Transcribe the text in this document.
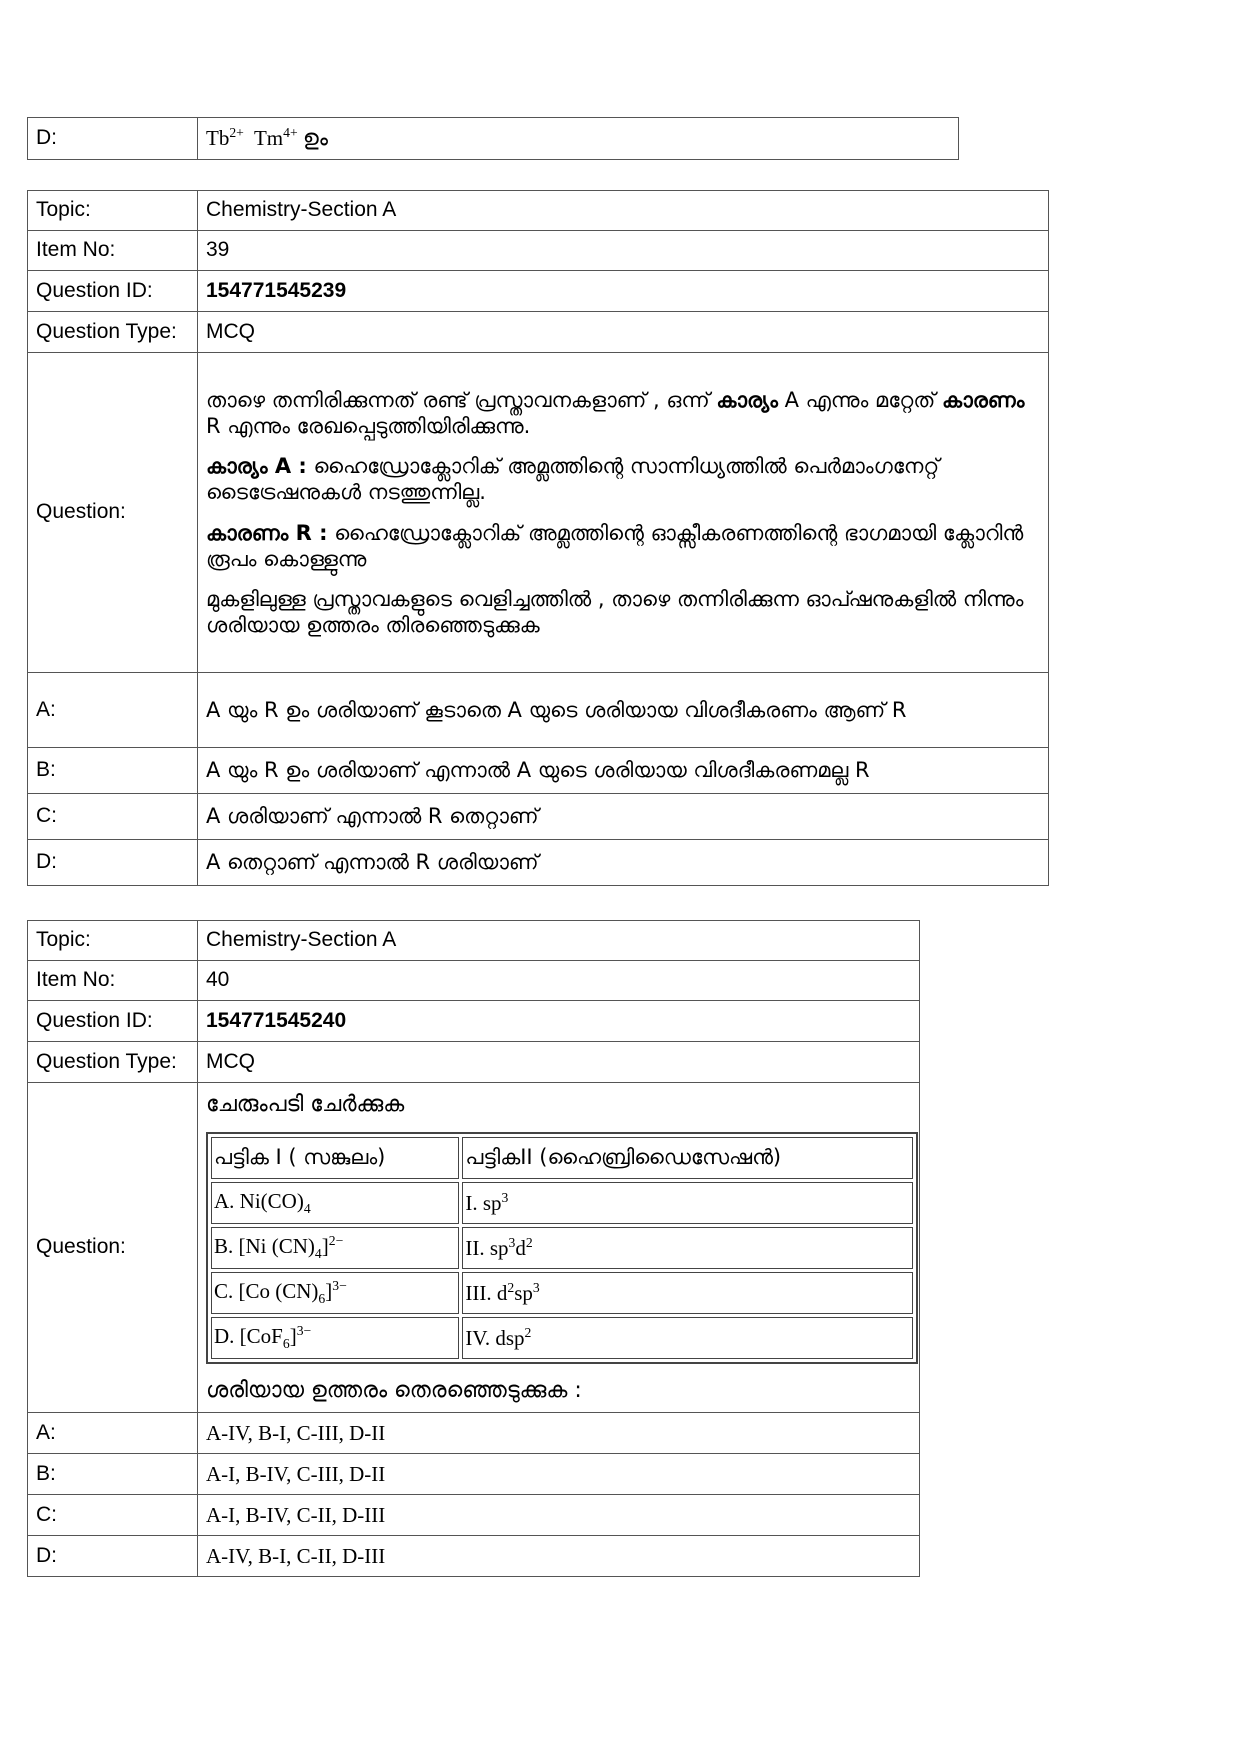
D:	$Tb^{2+}$ $Tm^{4+}$ ഉം
Topic:	Chemistry-Section A
Item No:	39
Question ID:	154771545239
Question Type:	MCQ
Question:	താഴെ തന്നിരിക്കുന്നത് രണ്ട് പ്രസ്താവനകളാണ് , ഒന്ന് കാര്യം A എന്നും മറ്റേത് കാരണം R എന്നും രേഖപ്പെടുത്തിയിരിക്കുന്നു.

കാര്യം A : ഹൈഡ്രോക്ലോറിക് അമ്ലത്തിന്റെ സാന്നിധ്യത്തിൽ പെർമാംഗനേറ്റ് ടൈട്രേഷനുകൾ നടത്തുന്നില്ല.

കാരണം R : ഹൈഡ്രോക്ലോറിക് അമ്ലത്തിന്റെ ഓക്സീകരണത്തിന്റെ ഭാഗമായി ക്ലോറിൻ രൂപം കൊള്ളുന്നു

മുകളിലുള്ള പ്രസ്താവകളുടെ വെളിച്ചത്തിൽ , താഴെ തന്നിരിക്കുന്ന ഓപ്ഷനുകളിൽ നിന്നും ശരിയായ ഉത്തരം തിരഞ്ഞെടുക്കുക

A:	A യും R ഉം ശരിയാണ് കൂടാതെ A യുടെ ശരിയായ വിശദീകരണം ആണ് R
B:	A യും R ഉം ശരിയാണ് എന്നാൽ A യുടെ ശരിയായ വിശദീകരണമല്ല R
C:	A ശരിയാണ് എന്നാൽ R തെറ്റാണ്
D:	A തെറ്റാണ് എന്നാൽ R ശരിയാണ്
Topic:	Chemistry-Section A
Item No:	40
Question ID:	154771545240
Question Type:	MCQ
Question:	
ചേരുംപടി ചേർക്കുക
പട്ടിക I ( സങ്കുലം)	പട്ടികII (ഹൈബ്രിഡൈസേഷൻ)
A. $Ni(CO)_4$	I. $sp^3$
B. [Ni $(CN)_4]^{2-}$	II. $sp^3d^2$
C. [Co $(CN)_6]^{3-}$	III. $d^2sp^3$
D. $[CoF_6]^{3-}$	IV. dsp$^2$
ശരിയായ ഉത്തരം തെരഞ്ഞെടുക്കുക :

A:	A-IV, B-I, C-III, D-II
B:	A-I, B-IV, C-III, D-II
C:	A-I, B-IV, C-II, D-III
D:	A-IV, B-I, C-II, D-III
